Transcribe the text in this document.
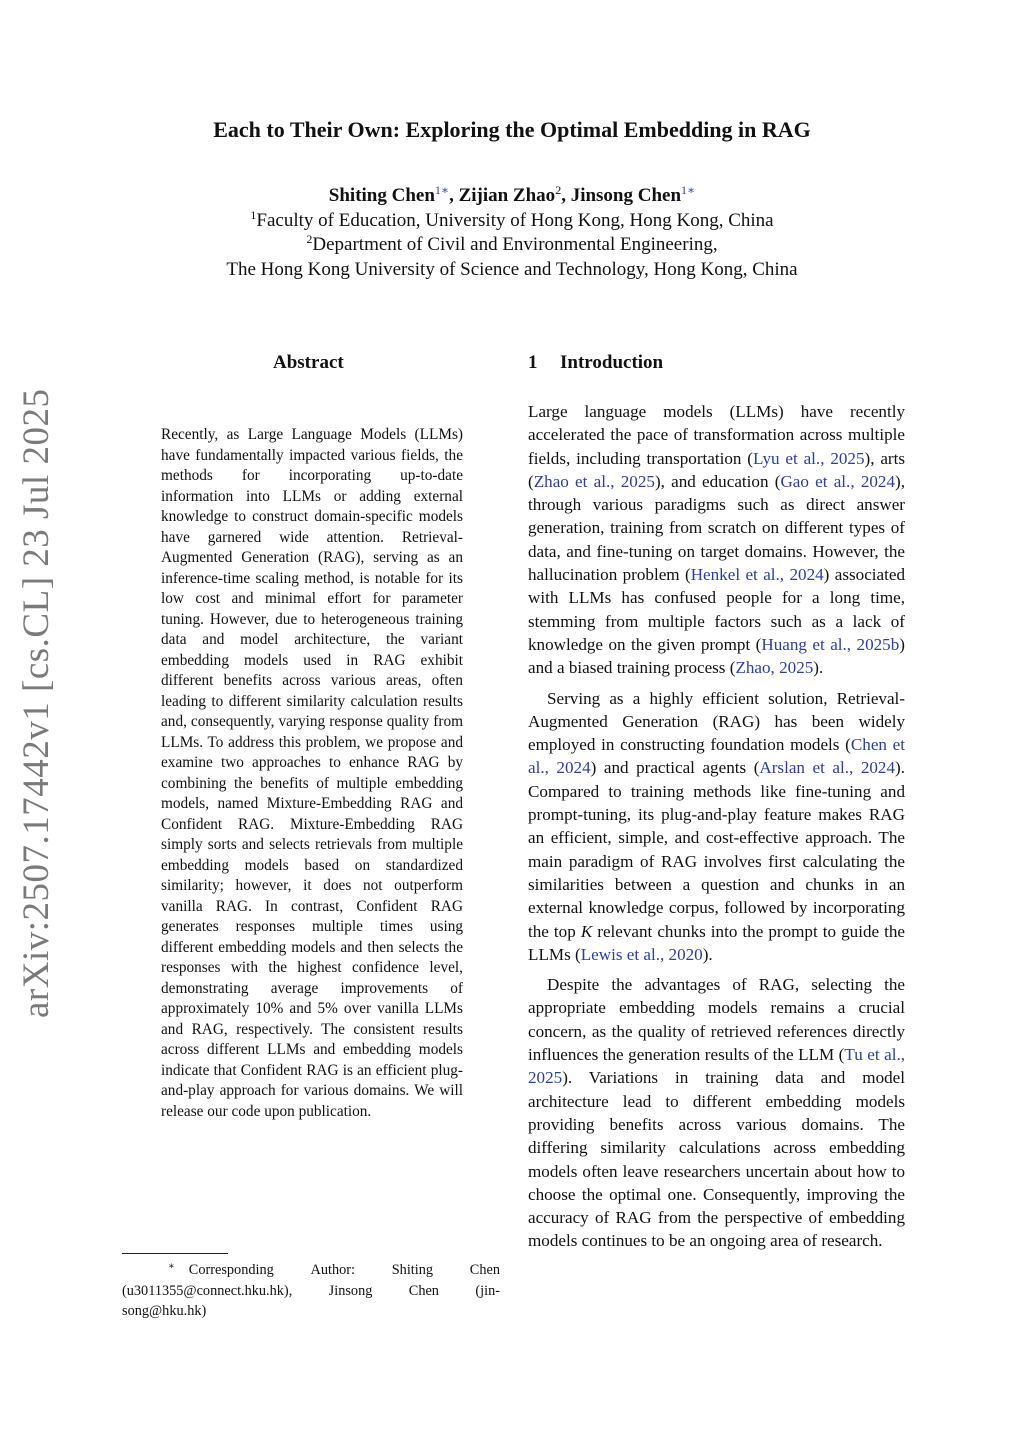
arXiv:2507.17442v1 [cs.CL] 23 Jul 2025
Each to Their Own: Exploring the Optimal Embedding in RAG
Shiting Chen$^{1∗}$, Zijian Zhao$^2$, Jinsong Chen$^{1∗}$
$^1$Faculty of Education, University of Hong Kong, Hong Kong, China
$^2$Department of Civil and Environmental Engineering,
The Hong Kong University of Science and Technology, Hong Kong, China
Abstract
Recently, as Large Language Models (LLMs) have fundamentally impacted various fields, the methods for incorporating up-to-date information into LLMs or adding external knowledge to construct domain-specific models have garnered wide attention. Retrieval-Augmented Generation (RAG), serving as an inference-time scaling method, is notable for its low cost and minimal effort for parameter tuning. However, due to heterogeneous training data and model architecture, the variant embedding models used in RAG exhibit different benefits across various areas, often leading to different similarity calculation results and, consequently, varying response quality from LLMs. To address this problem, we propose and examine two approaches to enhance RAG by combining the benefits of multiple embedding models, named Mixture-Embedding RAG and Confident RAG. Mixture-Embedding RAG simply sorts and selects retrievals from multiple embedding models based on standardized similarity; however, it does not outperform vanilla RAG. In contrast, Confident RAG generates responses multiple times using different embedding models and then selects the responses with the highest confidence level, demonstrating average improvements of approximately 10% and 5% over vanilla LLMs and RAG, respectively. The consistent results across different LLMs and embedding models indicate that Confident RAG is an efficient plug-and-play approach for various domains. We will release our code upon publication.
1 Introduction

Large language models (LLMs) have recently accelerated the pace of transformation across multiple fields, including transportation (Lyu et al., 2025), arts (Zhao et al., 2025), and education (Gao et al., 2024), through various paradigms such as direct answer generation, training from scratch on different types of data, and fine-tuning on target domains. However, the hallucination problem (Henkel et al., 2024) associated with LLMs has confused people for a long time, stemming from multiple factors such as a lack of knowledge on the given prompt (Huang et al., 2025b) and a biased training process (Zhao, 2025).

Serving as a highly efficient solution, Retrieval-Augmented Generation (RAG) has been widely employed in constructing foundation models (Chen et al., 2024) and practical agents (Arslan et al., 2024). Compared to training methods like fine-tuning and prompt-tuning, its plug-and-play feature makes RAG an efficient, simple, and cost-effective approach. The main paradigm of RAG involves first calculating the similarities between a question and chunks in an external knowledge corpus, followed by incorporating the top K relevant chunks into the prompt to guide the LLMs (Lewis et al., 2020).

Despite the advantages of RAG, selecting the appropriate embedding models remains a crucial concern, as the quality of retrieved references directly influences the generation results of the LLM (Tu et al., 2025). Variations in training data and model architecture lead to different embedding models providing benefits across various domains. The differing similarity calculations across embedding models often leave researchers uncertain about how to choose the optimal one. Consequently, improving the accuracy of RAG from the perspective of embedding models continues to be an ongoing area of research.

∗ Corresponding	Author:	Shiting	Chen
(u3011355@connect.hku.hk),	Jinsong	Chen	(jin-
song@hku.hk)
